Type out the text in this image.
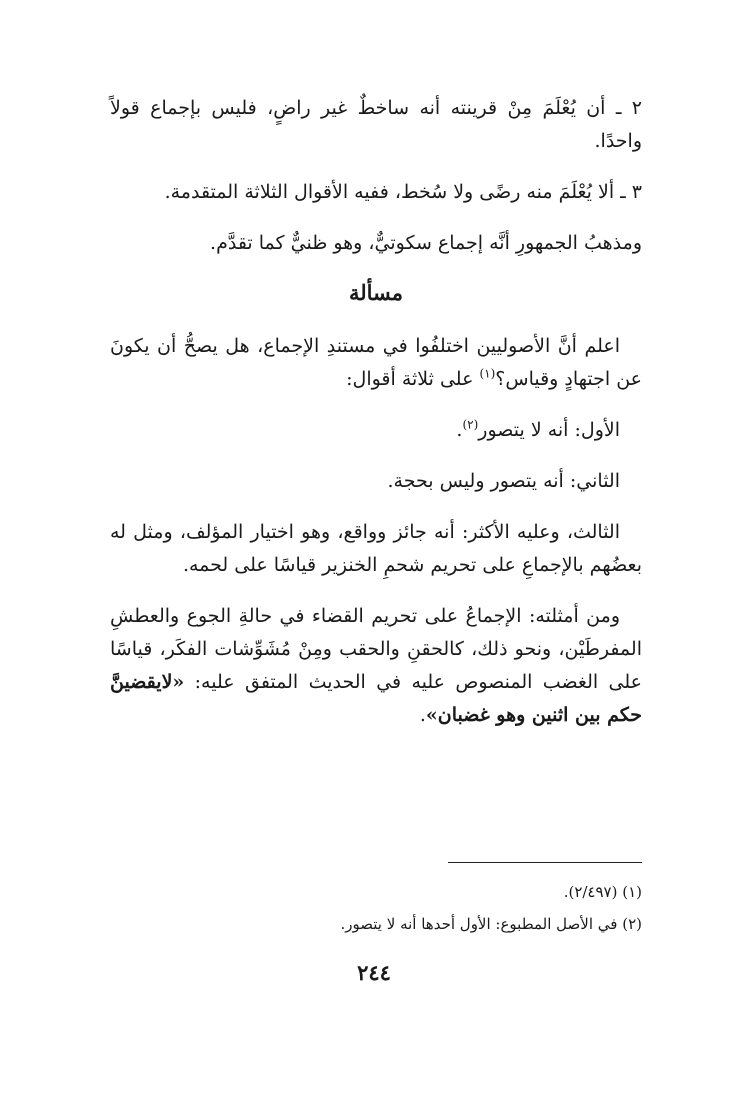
٢ ـ أن يُعْلَمَ مِنْ قرينته أنه ساخطٌ غير راضٍ، فليس بإجماع قولاً واحدًا.

٣ ـ ألا يُعْلَمَ منه رضًى ولا سُخط، ففيه الأقوال الثلاثة المتقدمة.

ومذهبُ الجمهورِ أنَّه إجماع سكوتيٌّ، وهو ظنيٌّ كما تقدَّم.

مسألة

اعلم أنَّ الأصوليين اختلفُوا في مستندِ الإجماع، هل يصحُّ أن يكونَ عن اجتهادٍ وقياس؟$^{(١)}$ على ثلاثة أقوال:

الأول: أنه لا يتصور$^{(٢)}$.

الثاني: أنه يتصور وليس بحجة.

الثالث، وعليه الأكثر: أنه جائز وواقع، وهو اختيار المؤلف، ومثل له بعضُهم بالإجماعِ على تحريم شحمِ الخنزير قياسًا على لحمه.

ومن أمثلته: الإجماعُ على تحريم القضاء في حالةِ الجوع والعطشِ المفرطَيْن، ونحو ذلك، كالحقنِ والحقب ومِنْ مُشَوِّشات الفكَر، قياسًا على الغضب المنصوص عليه في الحديث المتفق عليه: «لايقضينَّ حكم بين اثنين وهو غضبان».

(١) (٢/٤٩٧).
(٢) في الأصل المطبوع: الأول أحدها أنه لا يتصور.
٢٤٤
